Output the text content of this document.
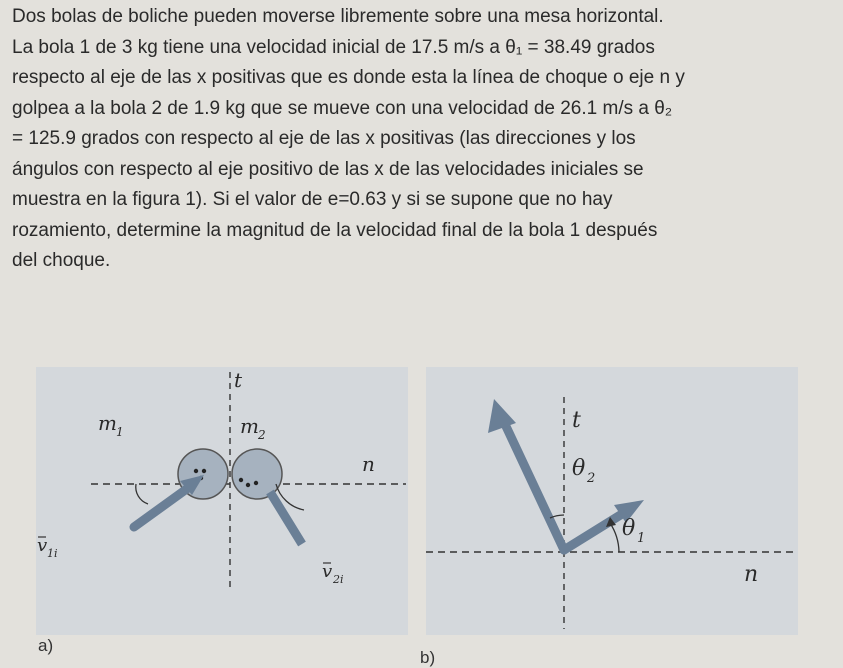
Dos bolas de boliche pueden moverse libremente sobre una mesa horizontal.
La bola 1 de 3 kg tiene una velocidad inicial de 17.5 m/s a θ₁ = 38.49 grados
respecto al eje de las x positivas que es donde esta la línea de choque o eje n y
golpea a la bola 2 de 1.9 kg que se mueve con una velocidad de 26.1 m/s a θ₂
= 125.9 grados con respecto al eje de las x positivas (las direcciones y los
ángulos con respecto al eje positivo de las x de las velocidades iniciales se
muestra en la figura 1). Si el valor de e=0.63 y si se supone que no hay
rozamiento, determine la magnitud de la velocidad final de la bola 1 después
del choque.
t
n
m 1	m 2
v 1i
v 2i
a)
t
n
θ 2
θ 1
b)
